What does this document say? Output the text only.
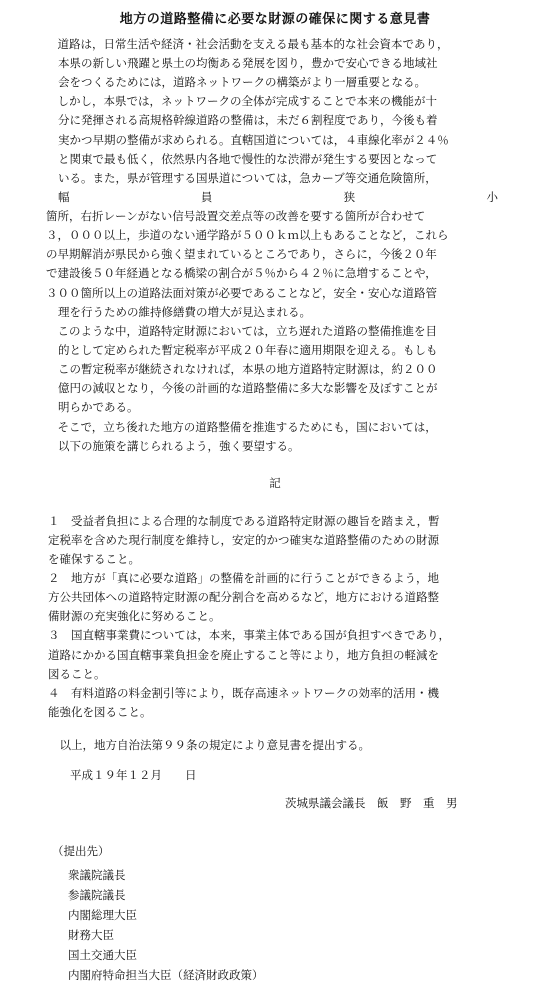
地方の道路整備に必要な財源の確保に関する意見書
　道路は，日常生活や経済・社会活動を支える最も基本的な社会資本であり，
本県の新しい飛躍と県土の均衡ある発展を図り，豊かで安心できる地域社
会をつくるためには，道路ネットワークの構築がより一層重要となる。
　しかし，本県では，ネットワークの全体が完成することで本来の機能が十
分に発揮される高規格幹線道路の整備は，未だ６割程度であり，今後も着
実かつ早期の整備が求められる。直轄国道については，４車線化率が２４％
と関東で最も低く，依然県内各地で慢性的な渋滞が発生する要因となって
いる。また，県が管理する国県道については，急カーブ等交通危険箇所，
幅	員	狭	小
箇所，右折レーンがない信号設置交差点等の改善を要する箇所が合わせて
３，０００以上，歩道のない通学路が５００ｋｍ以上もあることなど，これら
の早期解消が県民から強く望まれているところであり，さらに，今後２０年
で建設後５０年経過となる橋梁の割合が５％から４２％に急増することや，
３００箇所以上の道路法面対策が必要であることなど，安全・安心な道路管
理を行うための維持修繕費の増大が見込まれる。
　このような中，道路特定財源においては，立ち遅れた道路の整備推進を目
的として定められた暫定税率が平成２０年春に適用期限を迎える。もしも
この暫定税率が継続されなければ，本県の地方道路特定財源は，約２００
億円の減収となり，今後の計画的な道路整備に多大な影響を及ぼすことが
明らかである。
　そこで，立ち後れた地方の道路整備を推進するためにも，国においては，
以下の施策を講じられるよう，強く要望する。
記
１　受益者負担による合理的な制度である道路特定財源の趣旨を踏まえ，暫
定税率を含めた現行制度を維持し，安定的かつ確実な道路整備のための財源
を確保すること。
２　地方が「真に必要な道路」の整備を計画的に行うことができるよう，地
方公共団体への道路特定財源の配分割合を高めるなど，地方における道路整
備財源の充実強化に努めること。
３　国直轄事業費については，本来，事業主体である国が負担すべきであり，
道路にかかる国直轄事業負担金を廃止すること等により，地方負担の軽減を
図ること。
４　有料道路の料金割引等により，既存高速ネットワークの効率的活用・機
能強化を図ること。
　以上，地方自治法第９９条の規定により意見書を提出する。
平成１９年１２月　　日
茨城県議会議長　飯　野　重　男
（提出先）
衆議院議長
参議院議長
内閣総理大臣
財務大臣
国土交通大臣
内閣府特命担当大臣（経済財政政策）
